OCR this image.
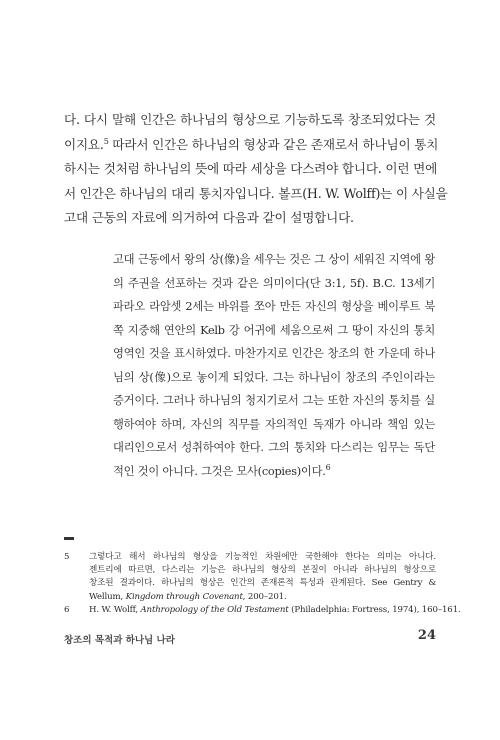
다. 다시 말해 인간은 하나님의 형상으로 기능하도록 창조되었다는 것
이지요.$^5$ 따라서 인간은 하나님의 형상과 같은 존재로서 하나님이 통치
하시는 것처럼 하나님의 뜻에 따라 세상을 다스려야 합니다. 이런 면에
서 인간은 하나님의 대리 통치자입니다. 볼프(H. W. Wolff)는 이 사실을
고대 근동의 자료에 의거하여 다음과 같이 설명합니다.
고대 근동에서 왕의 상(像)을 세우는 것은 그 상이 세워진 지역에 왕
의 주권을 선포하는 것과 같은 의미이다(단 3:1, 5f). B.C. 13세기
파라오 라암셋 2세는 바위를 쪼아 만든 자신의 형상을 베이루트 북
쪽 지중해 연안의 Kelb 강 어귀에 세움으로써 그 땅이 자신의 통치
영역인 것을 표시하였다. 마찬가지로 인간은 창조의 한 가운데 하나
님의 상(像)으로 놓이게 되었다. 그는 하나님이 창조의 주인이라는
증거이다. 그러나 하나님의 청지기로서 그는 또한 자신의 통치를 실
행하여야 하며, 자신의 직무를 자의적인 독재가 아니라 책임 있는
대리인으로서 성취하여야 한다. 그의 통치와 다스리는 임무는 독단
적인 것이 아니다. 그것은 모사(copies)이다.$^6$
5	그렇다고 해서 하나님의 형상을 기능적인 차원에만 국한해야 한다는 의미는 아니다.
젠트리에 따르면, 다스리는 기능은 하나님의 형상의 본질이 아니라 하나님의 형상으로
창조된 결과이다. 하나님의 형상은 인간의 존재론적 특성과 관계된다. See Gentry &
Wellum, Kingdom through Covenant, 200–201.
6	H. W. Wolff, Anthropology of the Old Testament (Philadelphia: Fortress, 1974), 160–161.
창조의 목적과 하나님 나라	24
